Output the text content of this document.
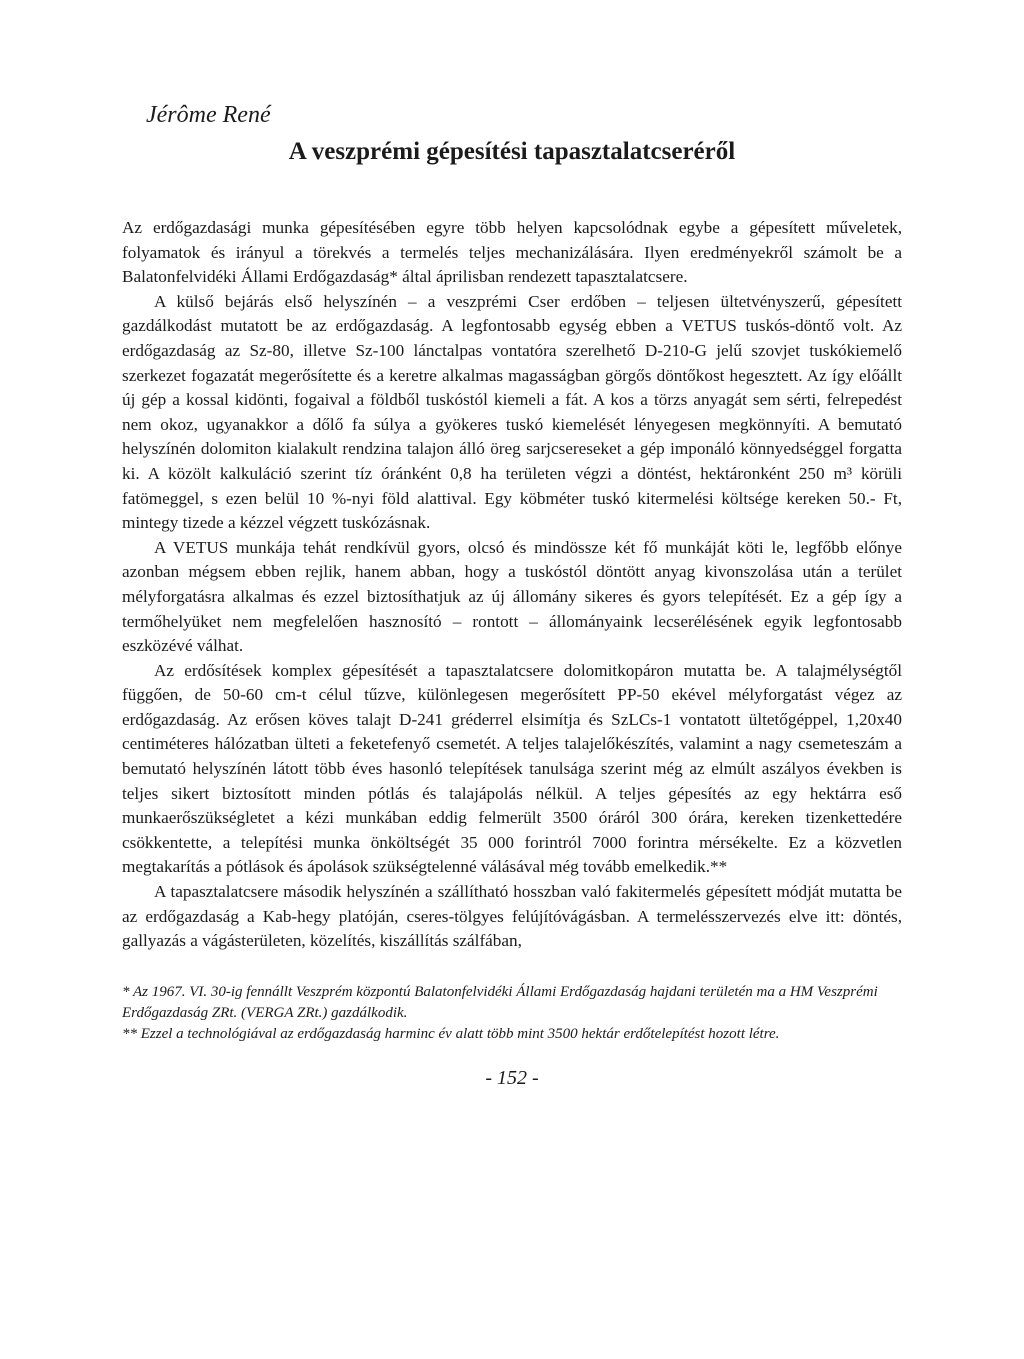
Jérôme René
A veszprémi gépesítési tapasztalatcseréről

Az erdőgazdasági munka gépesítésében egyre több helyen kapcsolódnak egybe a gépesített műveletek, folyamatok és irányul a törekvés a termelés teljes mechanizálására. Ilyen eredményekről számolt be a Balatonfelvidéki Állami Erdőgazdaság* által áprilisban rendezett tapasztalatcsere.

A külső bejárás első helyszínén – a veszprémi Cser erdőben – teljesen ültetvényszerű, gépesített gazdálkodást mutatott be az erdőgazdaság. A legfontosabb egység ebben a VETUS tuskós-döntő volt. Az erdőgazdaság az Sz-80, illetve Sz-100 lánctalpas vontatóra szerelhető D-210-G jelű szovjet tuskókiemelő szerkezet fogazatát megerősítette és a keretre alkalmas magasságban görgős döntőkost hegesztett. Az így előállt új gép a kossal kidönti, fogaival a földből tuskóstól kiemeli a fát. A kos a törzs anyagát sem sérti, felrepedést nem okoz, ugyanakkor a dőlő fa súlya a gyökeres tuskó kiemelését lényegesen megkönnyíti. A bemutató helyszínén dolomiton kialakult rendzina talajon álló öreg sarjcsereseket a gép imponáló könnyedséggel forgatta ki. A közölt kalkuláció szerint tíz óránként 0,8 ha területen végzi a döntést, hektáronként 250 m³ körüli fatömeggel, s ezen belül 10 %-nyi föld alattival. Egy köbméter tuskó kitermelési költsége kereken 50.- Ft, mintegy tizede a kézzel végzett tuskózásnak.

A VETUS munkája tehát rendkívül gyors, olcsó és mindössze két fő munkáját köti le, legfőbb előnye azonban mégsem ebben rejlik, hanem abban, hogy a tuskóstól döntött anyag kivonszolása után a terület mélyforgatásra alkalmas és ezzel biztosíthatjuk az új állomány sikeres és gyors telepítését. Ez a gép így a termőhelyüket nem megfelelően hasznosító – rontott – állományaink lecserélésének egyik legfontosabb eszközévé válhat.

Az erdősítések komplex gépesítését a tapasztalatcsere dolomitkopáron mutatta be. A talajmélységtől függően, de 50-60 cm-t célul tűzve, különlegesen megerősített PP-50 ekével mélyforgatást végez az erdőgazdaság. Az erősen köves talajt D-241 gréderrel elsimítja és SzLCs-1 vontatott ültetőgéppel, 1,20x40 centiméteres hálózatban ülteti a feketefenyő csemetét. A teljes talajelőkészítés, valamint a nagy csemeteszám a bemutató helyszínén látott több éves hasonló telepítések tanulsága szerint még az elmúlt aszályos években is teljes sikert biztosított minden pótlás és talajápolás nélkül. A teljes gépesítés az egy hektárra eső munkaerőszükségletet a kézi munkában eddig felmerült 3500 óráról 300 órára, kereken tizenkettedére csökkentette, a telepítési munka önköltségét 35 000 forintról 7000 forintra mérsékelte. Ez a közvetlen megtakarítás a pótlások és ápolások szükségtelenné válásával még tovább emelkedik.**

A tapasztalatcsere második helyszínén a szállítható hosszban való fakitermelés gépesített módját mutatta be az erdőgazdaság a Kab-hegy platóján, cseres-tölgyes felújítóvágásban. A termelésszervezés elve itt: döntés, gallyazás a vágásterületen, közelítés, kiszállítás szálfában,

* Az 1967. VI. 30-ig fennállt Veszprém központú Balatonfelvidéki Állami Erdőgazdaság hajdani területén ma a HM Veszprémi Erdőgazdaság ZRt. (VERGA ZRt.) gazdálkodik.

** Ezzel a technológiával az erdőgazdaság harminc év alatt több mint 3500 hektár erdőtelepítést hozott létre.

- 152 -
